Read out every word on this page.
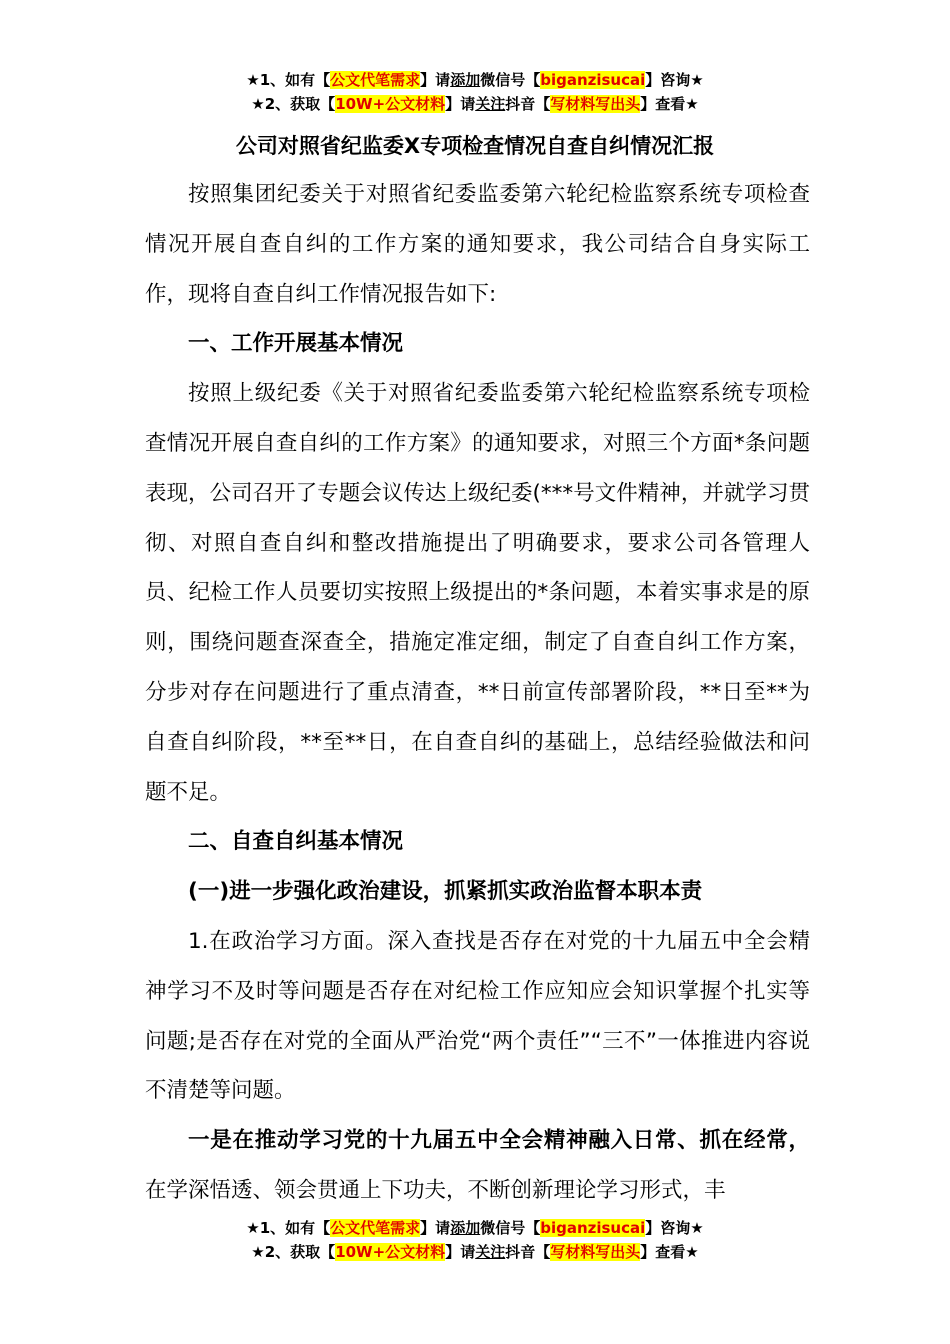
★1、如有【公文代笔需求】请添加微信号【biganzisucai】咨询★
★2、获取【10W+公文材料】请关注抖音【写材料写出头】查看★
公司对照省纪监委X专项检查情况自查自纠情况汇报

按照集团纪委关于对照省纪委监委第六轮纪检监察系统专项检查情况开展自查自纠的工作方案的通知要求，我公司结合自身实际工作，现将自查自纠工作情况报告如下:

一、工作开展基本情况

按照上级纪委《关于对照省纪委监委第六轮纪检监察系统专项检查情况开展自查自纠的工作方案》的通知要求，对照三个方面*条问题表现，公司召开了专题会议传达上级纪委(***号文件精神，并就学习贯彻、对照自查自纠和整改措施提出了明确要求，要求公司各管理人员、纪检工作人员要切实按照上级提出的*条问题，本着实事求是的原则，围绕问题查深查全，措施定准定细，制定了自查自纠工作方案，分步对存在问题进行了重点清查，**日前宣传部署阶段，**日至**为自查自纠阶段，**至**日，在自查自纠的基础上，总结经验做法和问题不足。

二、自查自纠基本情况

(一)进一步强化政治建设，抓紧抓实政治监督本职本责

1.在政治学习方面。深入查找是否存在对党的十九届五中全会精神学习不及时等问题是否存在对纪检工作应知应会知识掌握个扎实等问题;是否存在对党的全面从严治党“两个责任”“三不”一体推进内容说不清楚等问题。

一是在推动学习党的十九届五中全会精神融入日常、抓在经常，在学深悟透、领会贯通上下功夫，不断创新理论学习形式，丰

★1、如有【公文代笔需求】请添加微信号【biganzisucai】咨询★
★2、获取【10W+公文材料】请关注抖音【写材料写出头】查看★
